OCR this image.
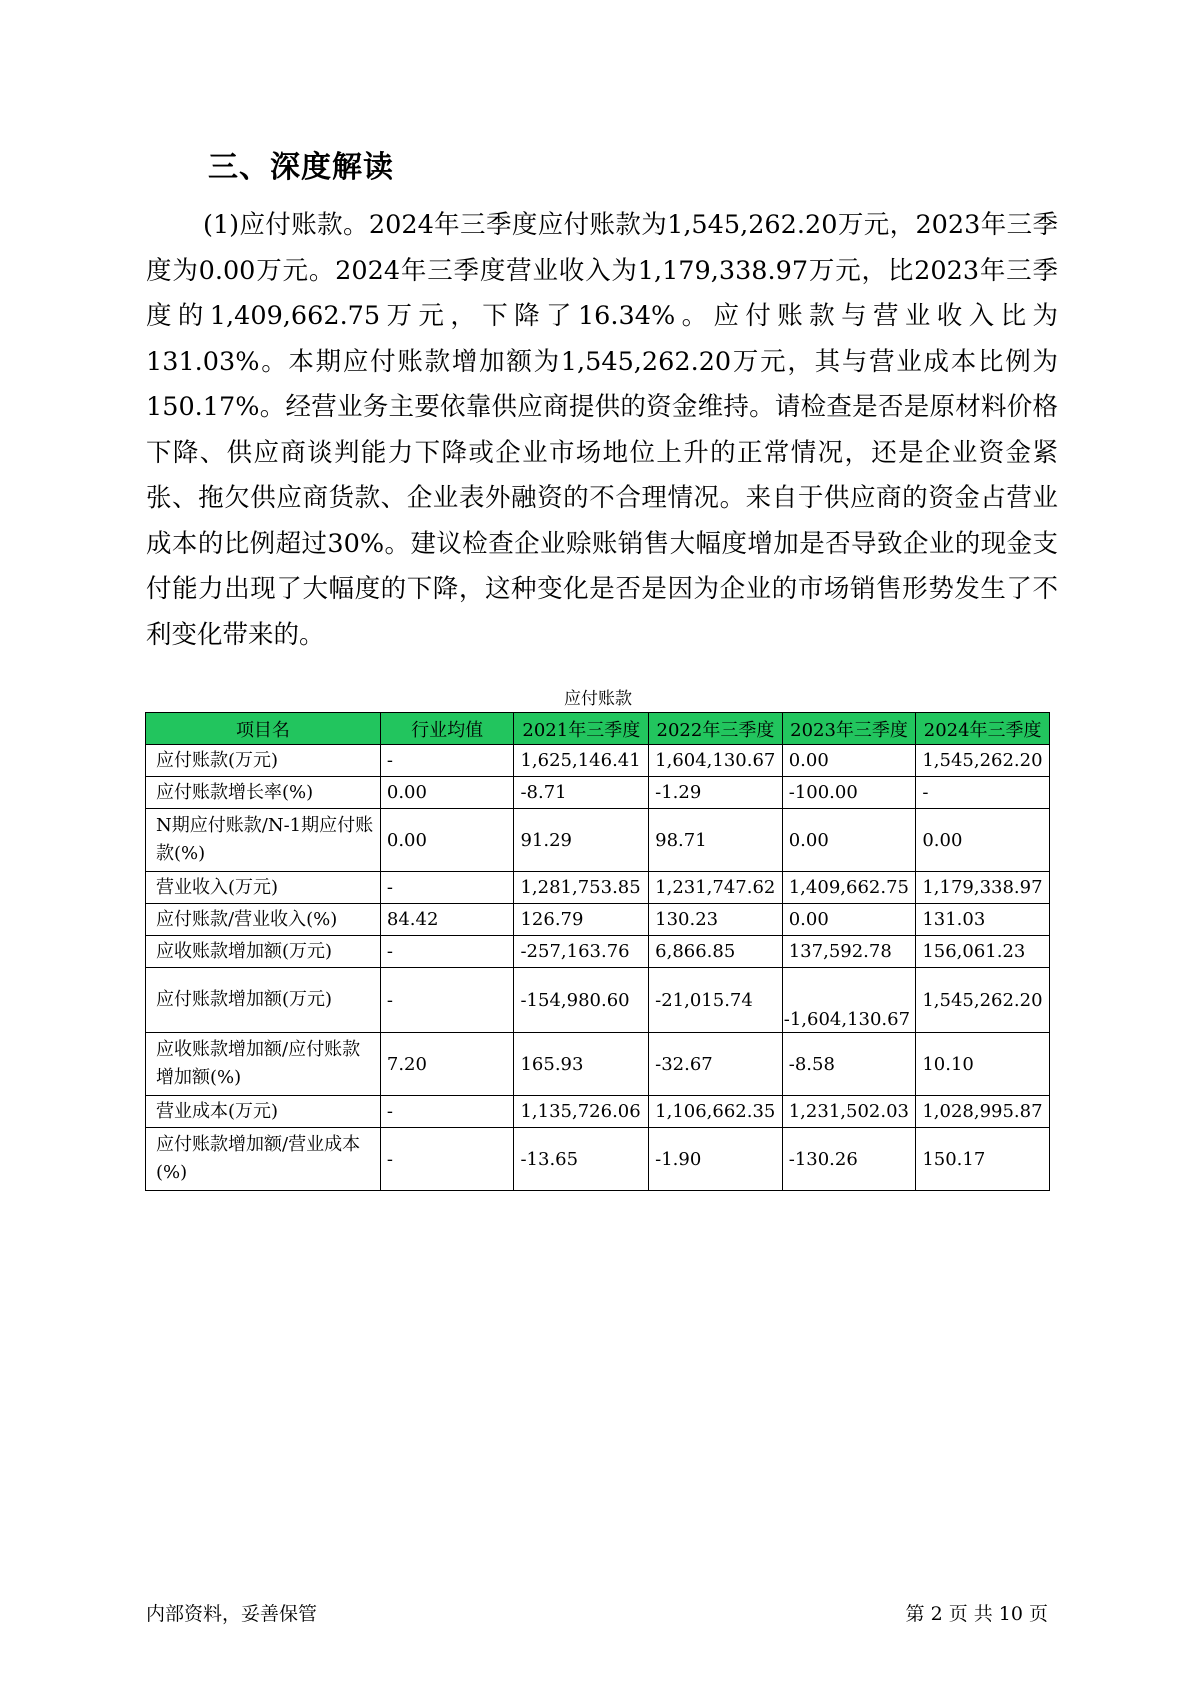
三、深度解读

(1)应付账款。2024年三季度应付账款为1,545,262.20万元，2023年三季度为0.00万元。2024年三季度营业收入为1,179,338.97万元，比2023年三季度的1,409,662.75万元，下降了16.34%。应付账款与营业收入比为131.03%。本期应付账款增加额为1,545,262.20万元，其与营业成本比例为150.17%。经营业务主要依靠供应商提供的资金维持。请检查是否是原材料价格下降、供应商谈判能力下降或企业市场地位上升的正常情况，还是企业资金紧张、拖欠供应商货款、企业表外融资的不合理情况。来自于供应商的资金占营业成本的比例超过30%。建议检查企业赊账销售大幅度增加是否导致企业的现金支付能力出现了大幅度的下降，这种变化是否是因为企业的市场销售形势发生了不利变化带来的。

应付账款
项目名	行业均值	2021年三季度	2022年三季度	2023年三季度	2024年三季度
应付账款(万元)	-	1,625,146.41	1,604,130.67	0.00	1,545,262.20
应付账款增长率(%)	0.00	-8.71	-1.29	-100.00	-
N期应付账款/N-1期应付账款(%)	0.00	91.29	98.71	0.00	0.00
营业收入(万元)	-	1,281,753.85	1,231,747.62	1,409,662.75	1,179,338.97
应付账款/营业收入(%)	84.42	126.79	130.23	0.00	131.03
应收账款增加额(万元)	-	-257,163.76	6,866.85	137,592.78	156,061.23
应付账款增加额(万元)	-	-154,980.60	-21,015.74	-1,604,130.67	1,545,262.20
应收账款增加额/应付账款增加额(%)	7.20	165.93	-32.67	-8.58	10.10
营业成本(万元)	-	1,135,726.06	1,106,662.35	1,231,502.03	1,028,995.87
应付账款增加额/营业成本(%)	-	-13.65	-1.90	-130.26	150.17
内部资料，妥善保管	第 2 页 共 10 页
